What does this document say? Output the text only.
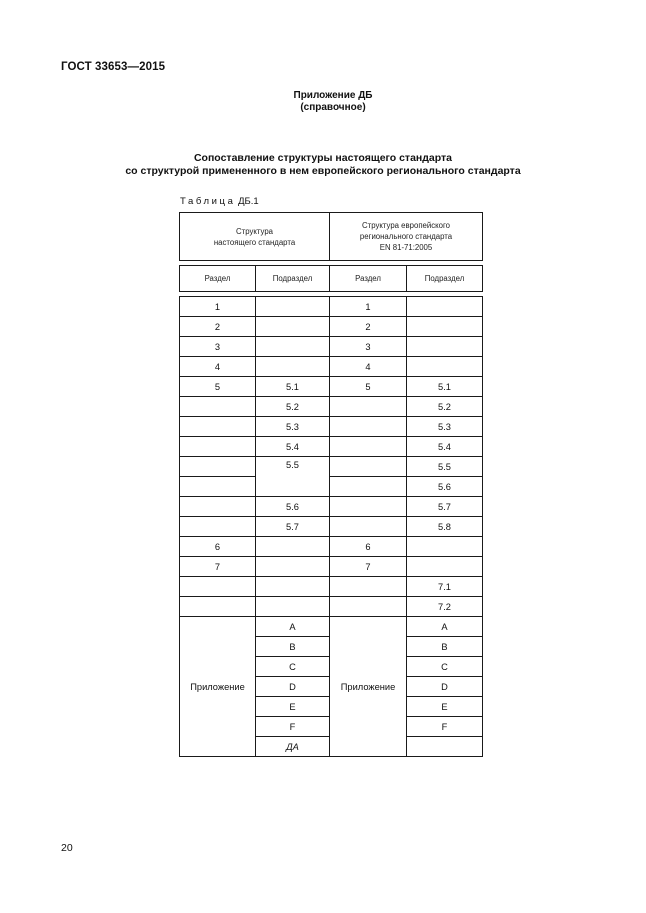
ГОСТ 33653—2015
Приложение ДБ
(справочное)
Сопоставление структуры настоящего стандарта
со структурой примененного в нем европейского регионального стандарта
Таблица ДБ.1
Структура
настоящего стандарта		Структура европейского
регионального стандарта
EN 81-71:2005	

Раздел	Подраздел	Раздел	Подраздел

1		1	
2		2	
3		3	
4		4	
5	5.1	5	5.1
	5.2		5.2
	5.3		5.3
	5.4		5.4
	5.5		5.5
			5.6
	5.6		5.7
	5.7		5.8
6		6	
7		7	
			7.1
			7.2
Приложение	A	Приложение	A
	B		B
	C		C
	D		D
	E		E
	F		F
	ДА		
20
